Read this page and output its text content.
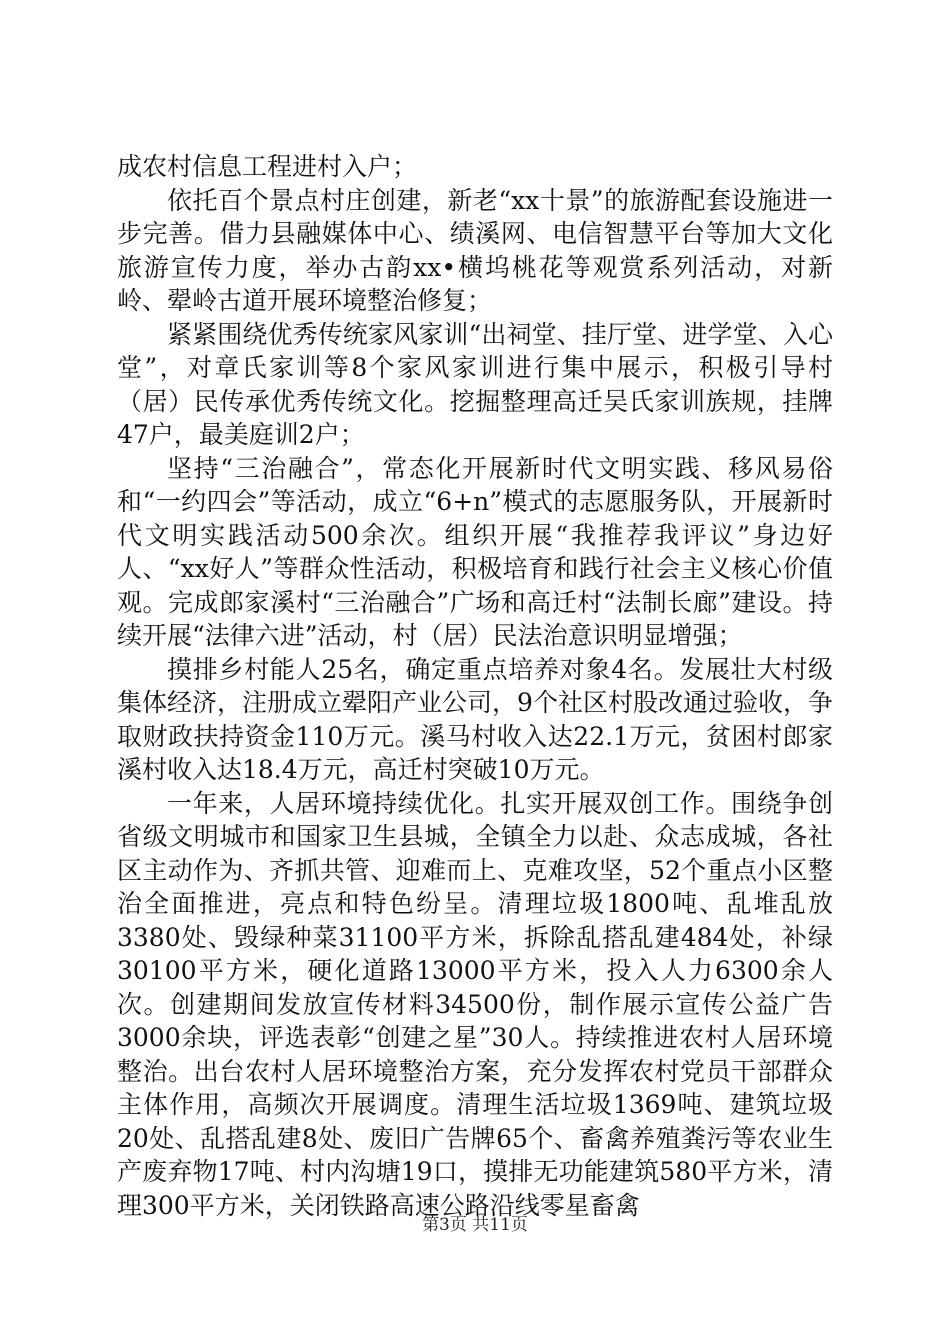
成农村信息工程进村入户；

依托百个景点村庄创建，新老“xx十景”的旅游配套设施进一步完善。借力县融媒体中心、绩溪网、电信智慧平台等加大文化旅游宣传力度，举办古韵xx•横坞桃花等观赏系列活动，对新岭、翚岭古道开展环境整治修复；

紧紧围绕优秀传统家风家训“出祠堂、挂厅堂、进学堂、入心堂”，对章氏家训等8个家风家训进行集中展示，积极引导村（居）民传承优秀传统文化。挖掘整理高迁吴氏家训族规，挂牌47户，最美庭训2户；

坚持“三治融合”，常态化开展新时代文明实践、移风易俗和“一约四会”等活动，成立“6+n”模式的志愿服务队，开展新时代文明实践活动500余次。组织开展“我推荐我评议”身边好人、“xx好人”等群众性活动，积极培育和践行社会主义核心价值观。完成郎家溪村“三治融合”广场和高迁村“法制长廊”建设。持续开展“法律六进”活动，村（居）民法治意识明显增强；

摸排乡村能人25名，确定重点培养对象4名。发展壮大村级集体经济，注册成立翚阳产业公司，9个社区村股改通过验收，争取财政扶持资金110万元。溪马村收入达22.1万元，贫困村郎家溪村收入达18.4万元，高迁村突破10万元。

一年来，人居环境持续优化。扎实开展双创工作。围绕争创省级文明城市和国家卫生县城，全镇全力以赴、众志成城，各社区主动作为、齐抓共管、迎难而上、克难攻坚，52个重点小区整治全面推进，亮点和特色纷呈。清理垃圾1800吨、乱堆乱放3380处、毁绿种菜31100平方米，拆除乱搭乱建484处，补绿30100平方米，硬化道路13000平方米，投入人力6300余人次。创建期间发放宣传材料34500份，制作展示宣传公益广告3000余块，评选表彰“创建之星”30人。持续推进农村人居环境整治。出台农村人居环境整治方案，充分发挥农村党员干部群众主体作用，高频次开展调度。清理生活垃圾1369吨、建筑垃圾20处、乱搭乱建8处、废旧广告牌65个、畜禽养殖粪污等农业生产废弃物17吨、村内沟塘19口，摸排无功能建筑580平方米，清理300平方米，关闭铁路高速公路沿线零星畜禽

第3页 共11页
